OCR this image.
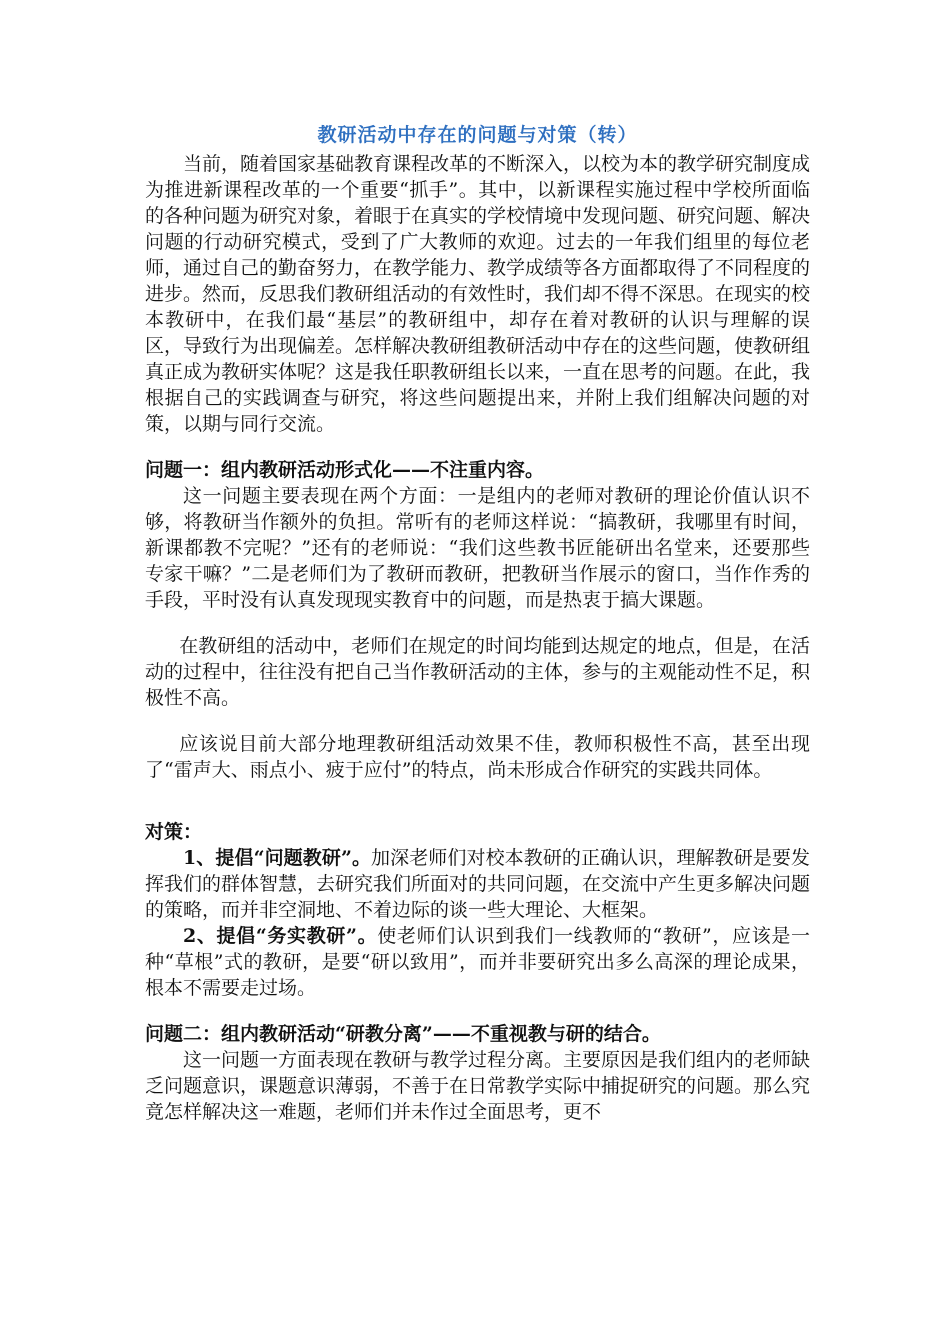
教研活动中存在的问题与对策（转）

当前，随着国家基础教育课程改革的不断深入，以校为本的教学研究制度成为推进新课程改革的一个重要“抓手”。其中，以新课程实施过程中学校所面临的各种问题为研究对象，着眼于在真实的学校情境中发现问题、研究问题、解决问题的行动研究模式，受到了广大教师的欢迎。过去的一年我们组里的每位老师，通过自己的勤奋努力，在教学能力、教学成绩等各方面都取得了不同程度的进步。然而，反思我们教研组活动的有效性时，我们却不得不深思。在现实的校本教研中，在我们最“基层”的教研组中，却存在着对教研的认识与理解的误区，导致行为出现偏差。怎样解决教研组教研活动中存在的这些问题，使教研组真正成为教研实体呢？这是我任职教研组长以来，一直在思考的问题。在此，我根据自己的实践调查与研究，将这些问题提出来，并附上我们组解决问题的对策，以期与同行交流。

问题一：组内教研活动形式化——不注重内容。

这一问题主要表现在两个方面：一是组内的老师对教研的理论价值认识不够，将教研当作额外的负担。常听有的老师这样说：“搞教研，我哪里有时间，新课都教不完呢？”还有的老师说：“我们这些教书匠能研出名堂来，还要那些专家干嘛？”二是老师们为了教研而教研，把教研当作展示的窗口，当作作秀的手段，平时没有认真发现现实教育中的问题，而是热衷于搞大课题。

在教研组的活动中，老师们在规定的时间均能到达规定的地点，但是，在活动的过程中，往往没有把自己当作教研活动的主体，参与的主观能动性不足，积极性不高。

应该说目前大部分地理教研组活动效果不佳，教师积极性不高，甚至出现了“雷声大、雨点小、疲于应付”的特点，尚未形成合作研究的实践共同体。

对策：

1、提倡“问题教研”。加深老师们对校本教研的正确认识，理解教研是要发挥我们的群体智慧，去研究我们所面对的共同问题，在交流中产生更多解决问题的策略，而并非空洞地、不着边际的谈一些大理论、大框架。

2、提倡“务实教研”。使老师们认识到我们一线教师的“教研”，应该是一种“草根”式的教研，是要“研以致用”，而并非要研究出多么高深的理论成果，根本不需要走过场。

问题二：组内教研活动“研教分离”——不重视教与研的结合。

这一问题一方面表现在教研与教学过程分离。主要原因是我们组内的老师缺乏问题意识，课题意识薄弱，不善于在日常教学实际中捕捉研究的问题。那么究竟怎样解决这一难题，老师们并未作过全面思考，更不
